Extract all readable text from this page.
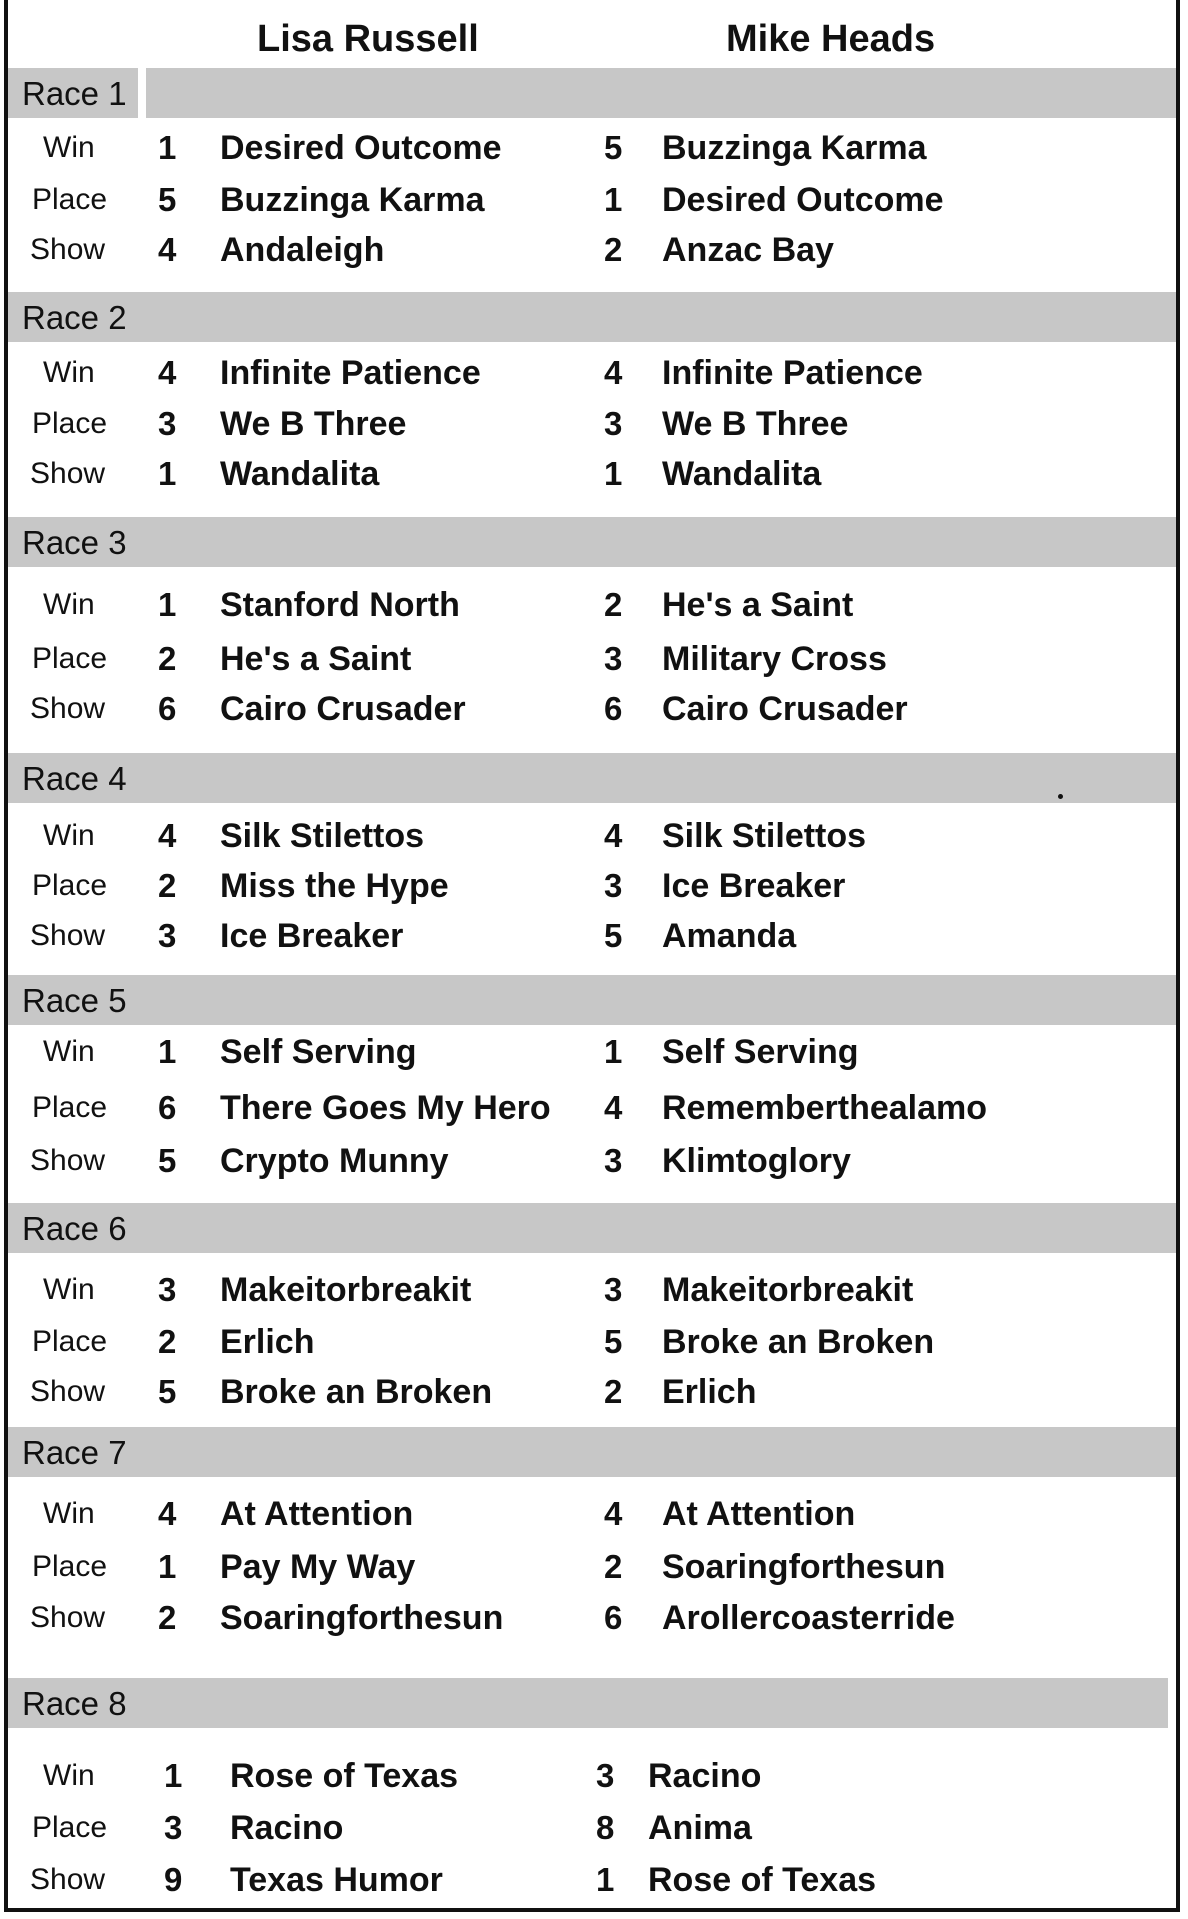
Lisa Russell	Mike Heads
Race 1
Win 1 Desired Outcome	5 Buzzinga Karma
Place 5 Buzzinga Karma	1 Desired Outcome
Show 4 Andaleigh	2 Anzac Bay
Race 2
Win 4 Infinite Patience	4 Infinite Patience
Place 3 We B Three	3 We B Three
Show 1 Wandalita	1 Wandalita
Race 3
Win 1 Stanford North	2 He's a Saint
Place 2 He's a Saint	3 Military Cross
Show 6 Cairo Crusader	6 Cairo Crusader
Race 4
Win 4 Silk Stilettos	4 Silk Stilettos
Place 2 Miss the Hype	3 Ice Breaker
Show 3 Ice Breaker	5 Amanda
Race 5
Win 1 Self Serving	1 Self Serving
Place 6 There Goes My Hero 4 Rememberthealamo
Show 5 Crypto Munny	3 Klimtoglory
Race 6
Win 3 Makeitorbreakit	3 Makeitorbreakit
Place 2 Erlich	5 Broke an Broken
Show 5 Broke an Broken	2 Erlich
Race 7
Win 4 At Attention	4 At Attention
Place 1 Pay My Way	2 Soaringforthesun
Show 2 Soaringforthesun	6 Arollercoasterride
Race 8
Win 1 Rose of Texas	3 Racino
Place 3 Racino	8 Anima
Show 9 Texas Humor	1 Rose of Texas
